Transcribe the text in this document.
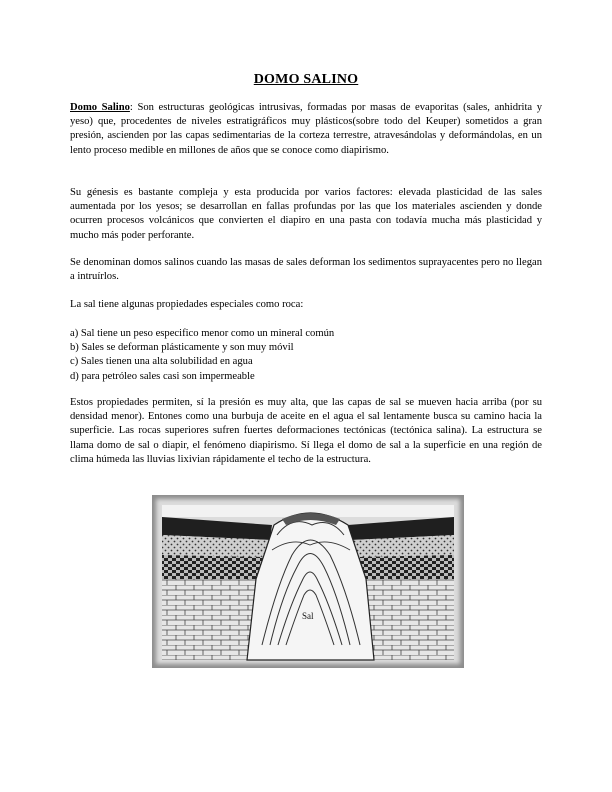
DOMO SALINO

Domo Salino: Son estructuras geológicas intrusivas, formadas por masas de evaporitas (sales, anhidrita y yeso) que, procedentes de niveles estratigráficos muy plásticos(sobre todo del Keuper) sometidos a gran presión, ascienden por las capas sedimentarias de la corteza terrestre, atravesándolas y deformándolas, en un lento proceso medible en millones de años que se conoce como diapirismo.

Su génesis es bastante compleja y esta producida por varios factores: elevada plasticidad de las sales aumentada por los yesos; se desarrollan en fallas profundas por las que los materiales ascienden y donde ocurren procesos volcánicos que convierten el diapiro en una pasta con todavía mucha más plasticidad y mucho más poder perforante.

Se denominan domos salinos cuando las masas de sales deforman los sedimentos suprayacentes pero no llegan a intruírlos.

La sal tiene algunas propiedades especiales como roca:

a) Sal tiene un peso especifico menor como un mineral común
b) Sales se deforman plásticamente y son muy móvil
c) Sales tienen una alta solubilidad en agua
d) para petróleo sales casi son impermeable

Estos propiedades permiten, sí la presión es muy alta, que las capas de sal se mueven hacia arriba (por su densidad menor). Entones como una burbuja de aceite en el agua el sal lentamente busca su camino hacia la superficie. Las rocas superiores sufren fuertes deformaciones tectónicas (tectónica salina). La estructura se llama domo de sal o diapir, el fenómeno diapirismo. Sí llega el domo de sal a la superficie en una región de clima húmeda las lluvias lixivian rápidamente el techo de la estructura.

Sal
